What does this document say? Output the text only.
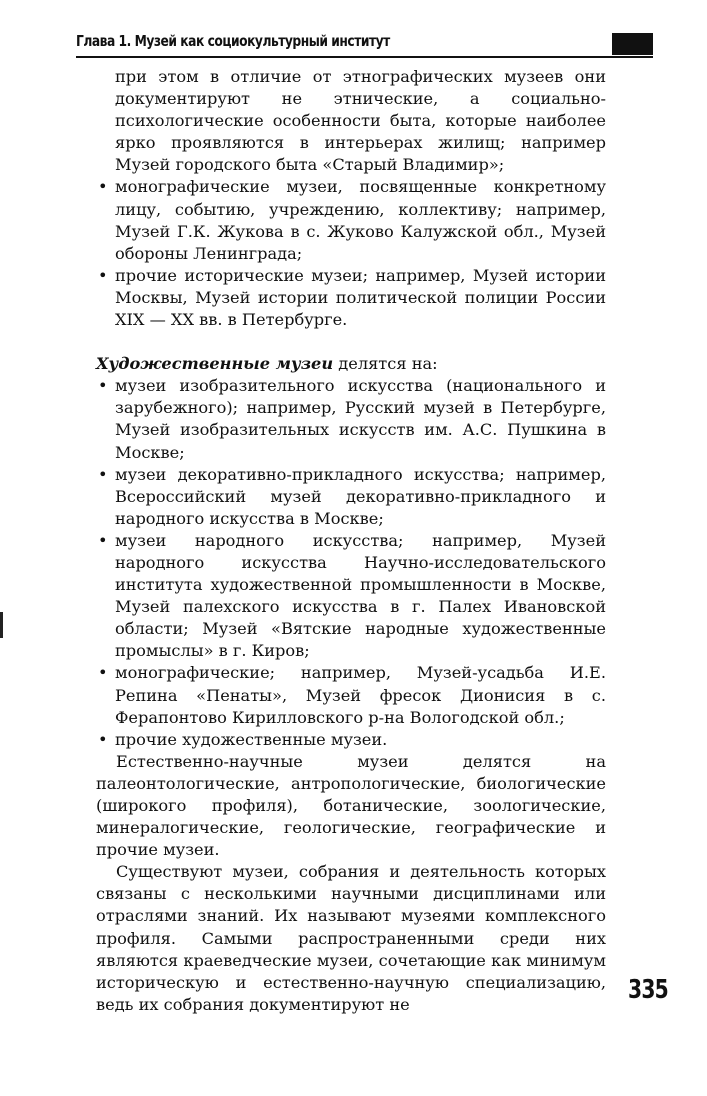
Глава 1. Музей как социокультурный институт

при этом в отличие от этнографических музеев они документируют не этнические, а социально-психологические особенности быта, которые наиболее ярко проявляются в интерьерах жилищ; например Музей городского быта «Старый Владимир»;

• монографические музеи, посвященные конкретному лицу, событию, учреждению, коллективу; например, Музей Г.К. Жукова в с. Жуково Калужской обл., Музей обороны Ленинграда;
• прочие исторические музеи; например, Музей истории Москвы, Музей истории политической полиции России XIX — XX вв. в Петербурге.

Художественные музеи делятся на:

• музеи изобразительного искусства (национального и зарубежного); например, Русский музей в Петербурге, Музей изобразительных искусств им. А.С. Пушкина в Москве;
• музеи декоративно-прикладного искусства; например, Всероссийский музей декоративно-прикладного и народного искусства в Москве;
• музеи народного искусства; например, Музей народного искусства Научно-исследовательского института художественной промышленности в Москве, Музей палехского искусства в г. Палех Ивановской области; Музей «Вятские народные художественные промыслы» в г. Киров;
• монографические; например, Музей-усадьба И.Е. Репина «Пенаты», Музей фресок Дионисия в с. Ферапонтово Кирилловского р-на Вологодской обл.;
• прочие художественные музеи.

Естественно-научные музеи делятся на палеонтологические, антропологические, биологические (широкого профиля), ботанические, зоологические, минералогические, геологические, географические и прочие музеи.

Существуют музеи, собрания и деятельность которых связаны с несколькими научными дисциплинами или отраслями знаний. Их называют музеями комплексного профиля. Самыми распространенными среди них являются краеведческие музеи, сочетающие как минимум историческую и естественно-научную специализацию, ведь их собрания документируют не	335
